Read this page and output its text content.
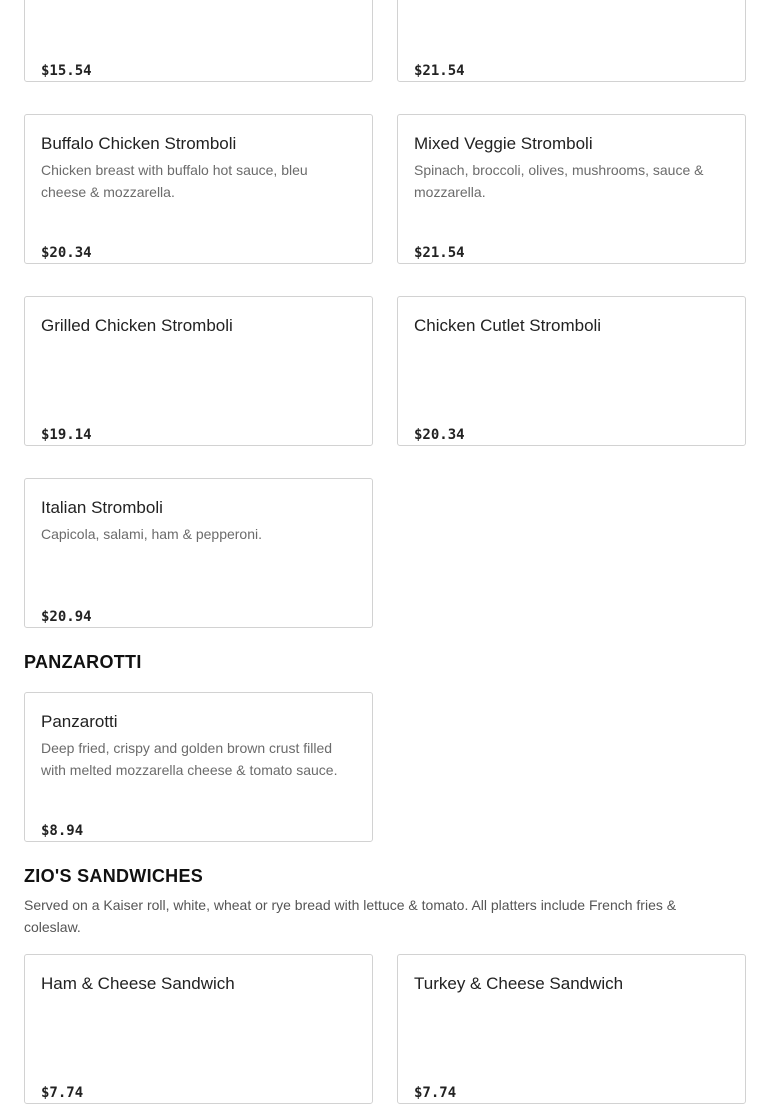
$15.54	$21.54
Buffalo Chicken Stromboli
Chicken breast with buffalo hot sauce, bleu cheese & mozzarella.
$20.34
Mixed Veggie Stromboli
Spinach, broccoli, olives, mushrooms, sauce & mozzarella.
$21.54
Grilled Chicken Stromboli
$19.14
Chicken Cutlet Stromboli
$20.34
Italian Stromboli
Capicola, salami, ham & pepperoni.
$20.94
PANZAROTTI
Panzarotti
Deep fried, crispy and golden brown crust filled with melted mozzarella cheese & tomato sauce.
$8.94
ZIO'S SANDWICHES
Served on a Kaiser roll, white, wheat or rye bread with lettuce & tomato. All platters include French fries & coleslaw.
Ham & Cheese Sandwich
$7.74
Turkey & Cheese Sandwich
$7.74
